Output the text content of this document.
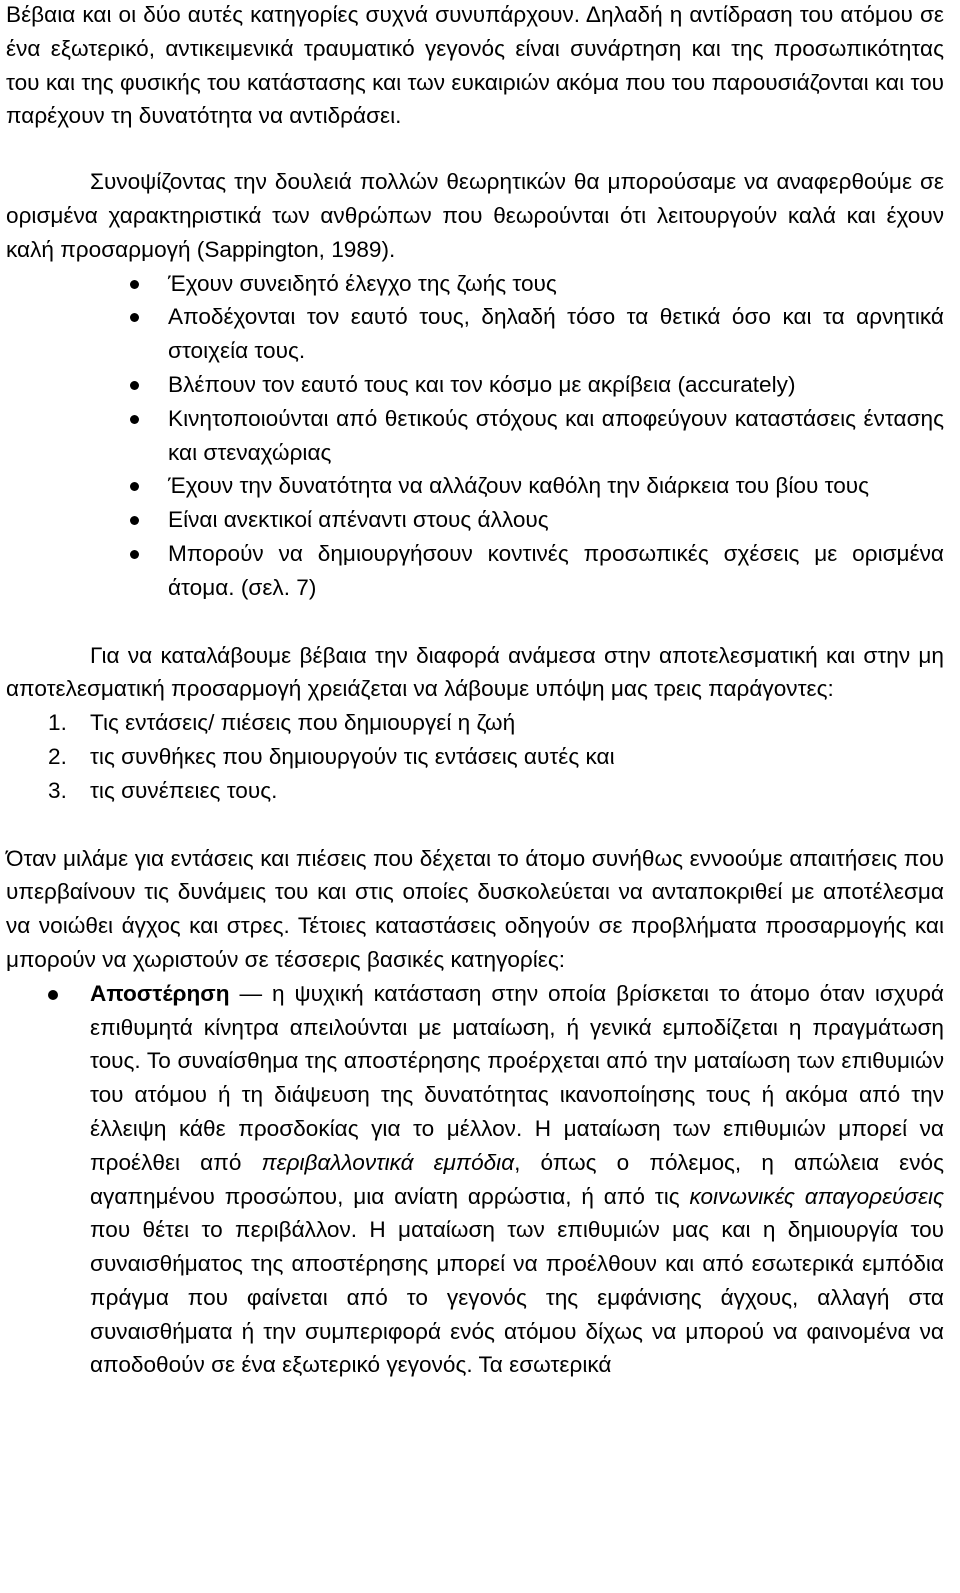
Βέβαια και οι δύο αυτές κατηγορίες συχνά συνυπάρχουν. Δηλαδή η αντίδραση του ατόμου σε ένα εξωτερικό, αντικειμενικά τραυματικό γεγονός είναι συνάρτηση και της προσωπικότητας του και της φυσικής του κατάστασης και των ευκαιριών ακόμα που του παρουσιάζονται και του παρέχουν τη δυνατότητα να αντιδράσει.

Συνοψίζοντας την δουλειά πολλών θεωρητικών θα μπορούσαμε να αναφερθούμε σε ορισμένα χαρακτηριστικά των ανθρώπων που θεωρούνται ότι λειτουργούν καλά και έχουν καλή προσαρμογή (Sappington, 1989).

Έχουν συνειδητό έλεγχο της ζωής τους
Αποδέχονται τον εαυτό τους, δηλαδή τόσο τα θετικά όσο και τα αρνητικά στοιχεία τους.
Βλέπουν τον εαυτό τους και τον κόσμο με ακρίβεια (accurately)
Κινητοποιούνται από θετικούς στόχους και αποφεύγουν καταστάσεις έντασης και στεναχώριας
Έχουν την δυνατότητα να αλλάζουν καθόλη την διάρκεια του βίου τους
Είναι ανεκτικοί απέναντι στους άλλους
Μπορούν να δημιουργήσουν κοντινές προσωπικές σχέσεις με ορισμένα άτομα. (σελ. 7)

Για να καταλάβουμε βέβαια την διαφορά ανάμεσα στην αποτελεσματική και στην μη αποτελεσματική προσαρμογή χρειάζεται να λάβουμε υπόψη μας τρεις παράγοντες:

1. Τις εντάσεις/ πιέσεις που δημιουργεί η ζωή
2. τις συνθήκες που δημιουργούν τις εντάσεις αυτές και
3. τις συνέπειες τους.

Όταν μιλάμε για εντάσεις και πιέσεις που δέχεται το άτομο συνήθως εννοούμε απαιτήσεις που υπερβαίνουν τις δυνάμεις του και στις οποίες δυσκολεύεται να ανταποκριθεί με αποτέλεσμα να νοιώθει άγχος και στρες. Τέτοιες καταστάσεις οδηγούν σε προβλήματα προσαρμογής και μπορούν να χωριστούν σε τέσσερις βασικές κατηγορίες:

Αποστέρηση — η ψυχική κατάσταση στην οποία βρίσκεται το άτομο όταν ισχυρά επιθυμητά κίνητρα απειλούνται με ματαίωση, ή γενικά εμποδίζεται η πραγμάτωση τους. Το συναίσθημα της αποστέρησης προέρχεται από την ματαίωση των επιθυμιών του ατόμου ή τη διάψευση της δυνατότητας ικανοποίησης τους ή ακόμα από την έλλειψη κάθε προσδοκίας για το μέλλον. Η ματαίωση των επιθυμιών μπορεί να προέλθει από περιβαλλοντικά εμπόδια, όπως ο πόλεμος, η απώλεια ενός αγαπημένου προσώπου, μια ανίατη αρρώστια, ή από τις κοινωνικές απαγορεύσεις που θέτει το περιβάλλον. Η ματαίωση των επιθυμιών μας και η δημιουργία του συναισθήματος της αποστέρησης μπορεί να προέλθουν και από εσωτερικά εμπόδια πράγμα που φαίνεται από το γεγονός της εμφάνισης άγχους, αλλαγή στα συναισθήματα ή την συμπεριφορά ενός ατόμου δίχως να μπορού να φαινομένα να αποδοθούν σε ένα εξωτερικό γεγονός. Τα εσωτερικά
